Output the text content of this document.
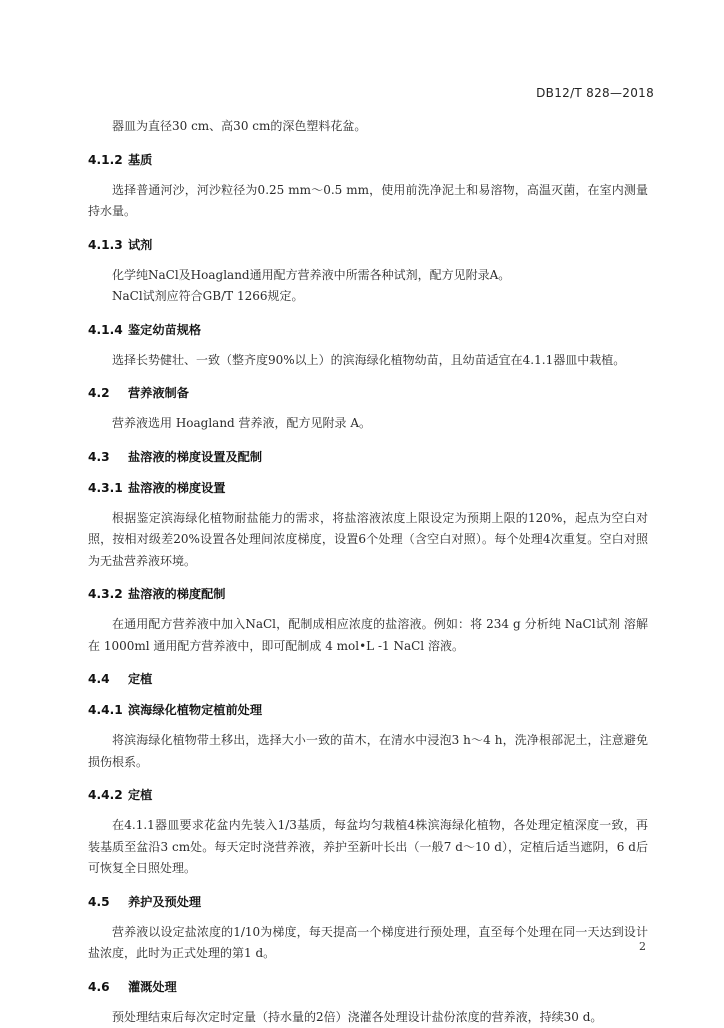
DB12/T 828—2018
器皿为直径30 cm、高30 cm的深色塑料花盆。
4.1.2 基质
选择普通河沙，河沙粒径为0.25 mm～0.5 mm，使用前洗净泥土和易溶物，高温灭菌，在室内测量持水量。
4.1.3 试剂
化学纯NaCl及Hoagland通用配方营养液中所需各种试剂，配方见附录A。
NaCl试剂应符合GB/T 1266规定。
4.1.4 鉴定幼苗规格
选择长势健壮、一致（整齐度90%以上）的滨海绿化植物幼苗，且幼苗适宜在4.1.1器皿中栽植。
4.2 营养液制备
营养液选用 Hoagland 营养液，配方见附录 A。
4.3 盐溶液的梯度设置及配制
4.3.1 盐溶液的梯度设置
根据鉴定滨海绿化植物耐盐能力的需求，将盐溶液浓度上限设定为预期上限的120%，起点为空白对照，按相对级差20%设置各处理间浓度梯度，设置6个处理（含空白对照）。每个处理4次重复。空白对照为无盐营养液环境。
4.3.2 盐溶液的梯度配制
在通用配方营养液中加入NaCl，配制成相应浓度的盐溶液。例如：将 234 g 分析纯 NaCl试剂 溶解在 1000ml 通用配方营养液中，即可配制成 4 mol•L -1 NaCl 溶液。
4.4 定植
4.4.1 滨海绿化植物定植前处理
将滨海绿化植物带土移出，选择大小一致的苗木，在清水中浸泡3 h～4 h，洗净根部泥土，注意避免损伤根系。
4.4.2 定植
在4.1.1器皿要求花盆内先装入1/3基质，每盆均匀栽植4株滨海绿化植物，各处理定植深度一致，再装基质至盆沿3 cm处。每天定时浇营养液，养护至新叶长出（一般7 d～10 d），定植后适当遮阴，6 d后可恢复全日照处理。
4.5 养护及预处理
营养液以设定盐浓度的1/10为梯度，每天提高一个梯度进行预处理，直至每个处理在同一天达到设计盐浓度，此时为正式处理的第1 d。
4.6 灌溉处理
预处理结束后每次定时定量（持水量的2倍）浇灌各处理设计盐份浓度的营养液，持续30 d。
2
